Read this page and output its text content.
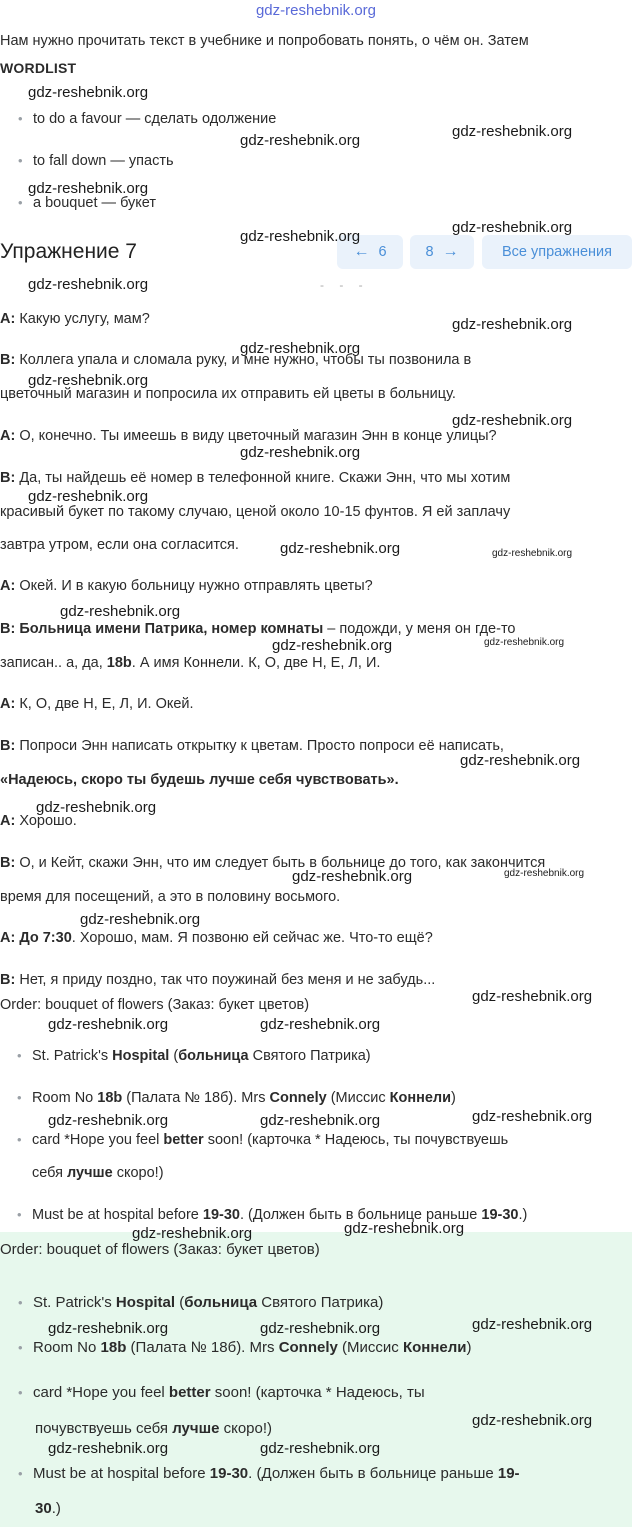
gdz-reshebnik.org
Нам нужно прочитать текст в учебнике и попробовать понять, о чём он. Затем
WORDLIST
• to do a favour — сделать одолжение
• to fall down — упасть
• a bouquet — букет
Упражнение 7	← 6	8 →	Все упражнения
- - -
A: Какую услугу, мам?
B: Коллега упала и сломала руку, и мне нужно, чтобы ты позвонила в
цветочный магазин и попросила их отправить ей цветы в больницу.
A: О, конечно. Ты имеешь в виду цветочный магазин Энн в конце улицы?
B: Да, ты найдешь её номер в телефонной книге. Скажи Энн, что мы хотим
красивый букет по такому случаю, ценой около 10-15 фунтов. Я ей заплачу
завтра утром, если она согласится.
A: Окей. И в какую больницу нужно отправлять цветы?
B: Больница имени Патрика, номер комнаты – подожди, у меня он где-то
записан.. а, да, 18b. А имя Коннели. К, О, две Н, Е, Л, И.
A: К, О, две Н, Е, Л, И. Окей.
B: Попроси Энн написать открытку к цветам. Просто попроси её написать,
«Надеюсь, скоро ты будешь лучше себя чувствовать».
A: Хорошо.
B: О, и Кейт, скажи Энн, что им следует быть в больнице до того, как закончится
время для посещений, а это в половину восьмого.
A: До 7:30. Хорошо, мам. Я позвоню ей сейчас же. Что-то ещё?
B: Нет, я приду поздно, так что поужинай без меня и не забудь...
Order: bouquet of flowers (Заказ: букет цветов)
• St. Patrick's Hospital (больница Святого Патрика)
• Room No 18b (Палата № 18б). Mrs Connely (Миссис Коннели)
• card *Hope you feel better soon! (карточка * Надеюсь, ты почувствуешь
себя лучше скоро!)
• Must be at hospital before 19-30. (Должен быть в больнице раньше 19-30.)
Order: bouquet of flowers (Заказ: букет цветов)
• St. Patrick's Hospital (больница Святого Патрика)
• Room No 18b (Палата № 18б). Mrs Connely (Миссис Коннели)
• card *Hope you feel better soon! (карточка * Надеюсь, ты
почувствуешь себя лучше скоро!)
• Must be at hospital before 19-30. (Должен быть в больнице раньше 19-
30.)
gdz-reshebnik.org
gdz-reshebnik.org
gdz-reshebnik.org
gdz-reshebnik.org
gdz-reshebnik.org
gdz-reshebnik.org
gdz-reshebnik.org
gdz-reshebnik.org
gdz-reshebnik.org
gdz-reshebnik.org
gdz-reshebnik.org
gdz-reshebnik.org
gdz-reshebnik.org
gdz-reshebnik.org	gdz-reshebnik.org
gdz-reshebnik.org
gdz-reshebnik.org	gdz-reshebnik.org
gdz-reshebnik.org
gdz-reshebnik.org
gdz-reshebnik.org	gdz-reshebnik.org
gdz-reshebnik.org
gdz-reshebnik.org
gdz-reshebnik.org	gdz-reshebnik.org
gdz-reshebnik.org
gdz-reshebnik.org	gdz-reshebnik.org
gdz-reshebnik.org
gdz-reshebnik.org
gdz-reshebnik.org
gdz-reshebnik.org	gdz-reshebnik.org
gdz-reshebnik.org
gdz-reshebnik.org	gdz-reshebnik.org
